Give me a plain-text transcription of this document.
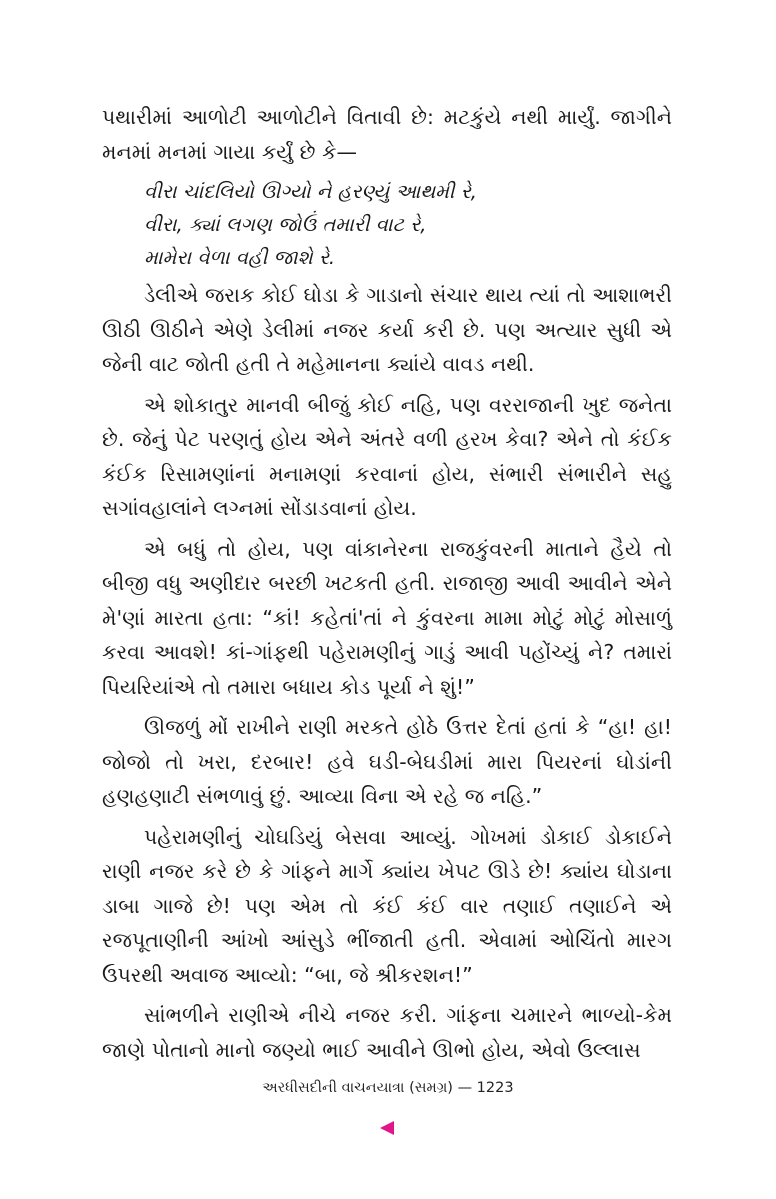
પથારીમાં આળોટી આળોટીને વિતાવી છે: મટકુંયે નથી માર્યું. જાગીને મનમાં મનમાં ગાયા કર્યું છે કે—

વીરા ચાંદલિયો ઊગ્યો ને હરણ્યું આથમી રે,
વીરા, ક્યાં લગણ જોઉં તમારી વાટ રે,
મામેરા વેળા વહી જાશે રે.

ડેલીએ જરાક કોઈ ઘોડા કે ગાડાનો સંચાર થાય ત્યાં તો આશાભરી ઊઠી ઊઠીને એણે ડેલીમાં નજર કર્યા કરી છે. પણ અત્યાર સુધી એ જેની વાટ જોતી હતી તે મહેમાનના ક્યાંયે વાવડ નથી.

એ શોકાતુર માનવી બીજું કોઈ નહિ, પણ વરરાજાની ખુદ જનેતા છે. જેનું પેટ પરણતું હોય એને અંતરે વળી હરખ કેવા? એને તો કંઈક કંઈક રિસામણાંનાં મનામણાં કરવાનાં હોય, સંભારી સંભારીને સહુ સગાંવહાલાંને લગ્નમાં સોંડાડવાનાં હોય.

એ બધું તો હોય, પણ વાંકાનેરના રાજકુંવરની માતાને હૈયે તો બીજી વધુ અણીદાર બરછી ખટકતી હતી. રાજાજી આવી આવીને એને મે'ણાં મારતા હતા: “કાં! કહેતાં'તાં ને કુંવરના મામા મોટું મોટું મોસાળું કરવા આવશે! કાં-ગાંફથી પહેરામણીનું ગાડું આવી પહોંચ્યું ને? તમારાં પિયરિયાંએ તો તમારા બધાય કોડ પૂર્યા ને શું!”

ઊજળું મોં રાખીને રાણી મરકતે હોઠે ઉત્તર દેતાં હતાં કે “હા! હા! જોજો તો ખરા, દરબાર! હવે ઘડી-બેઘડીમાં મારા પિયરનાં ઘોડાંની હણહણાટી સંભળાવું છું. આવ્યા વિના એ રહે જ નહિ.”

પહેરામણીનું ચોઘડિયું બેસવા આવ્યું. ગોખમાં ડોકાઈ ડોકાઈને રાણી નજર કરે છે કે ગાંફને માર્ગે ક્યાંય ખેપટ ઊડે છે! ક્યાંય ઘોડાના ડાબા ગાજે છે! પણ એમ તો કંઈ કંઈ વાર તણાઈ તણાઈને એ રજપૂતાણીની આંખો આંસુડે ભીંજાતી હતી. એવામાં ઓચિંતો મારગ ઉપરથી અવાજ આવ્યો: “બા, જે શ્રીકરશન!”

સાંભળીને રાણીએ નીચે નજર કરી. ગાંફના ચમારને ભાળ્યો-કેમ જાણે પોતાનો માનો જણ્યો ભાઈ આવીને ઊભો હોય, એવો ઉલ્લાસ

અરધીસદીની વાચનયાત્રા (સમગ્ર) — 1223
